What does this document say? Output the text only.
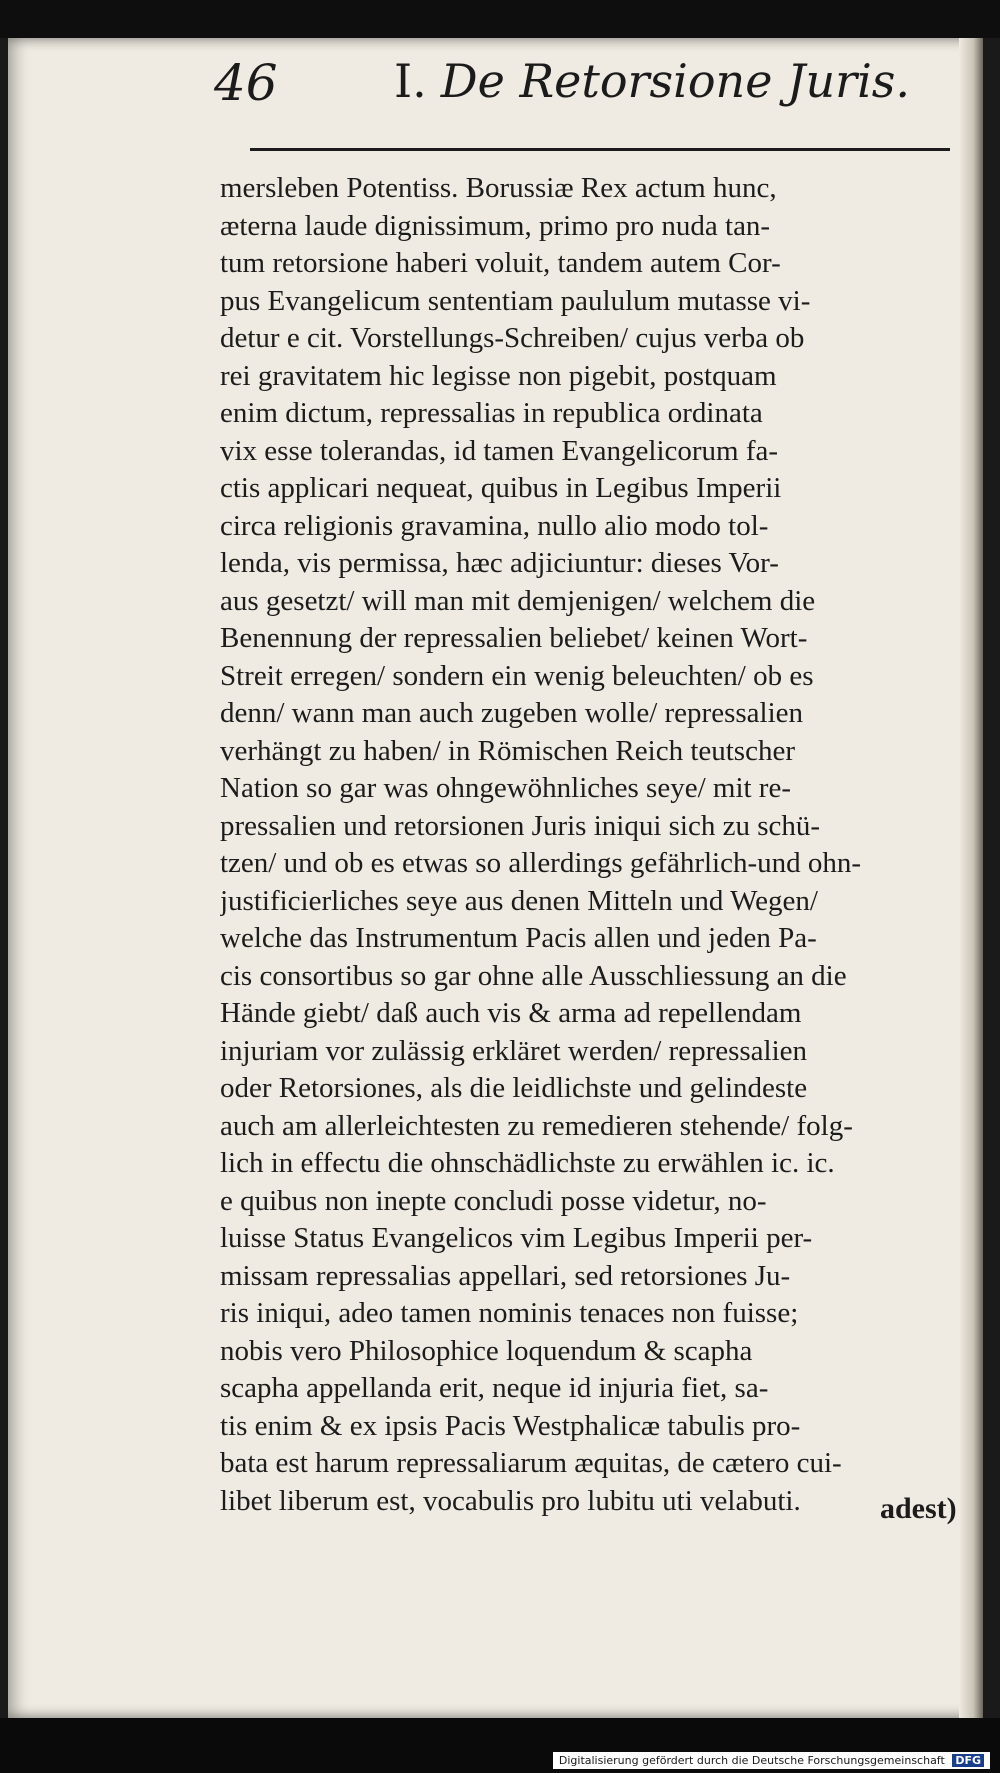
46	I. De Retorsione Juris.
mersleben Potentiss. Borussiæ Rex actum hunc,
æterna laude dignissimum, primo pro nuda tan-
tum retorsione haberi voluit, tandem autem Cor-
pus Evangelicum sententiam paululum mutasse vi-
detur e cit. Vorstellungs-Schreiben/ cujus verba ob
rei gravitatem hic legisse non pigebit, postquam
enim dictum, repressalias in republica ordinata
vix esse tolerandas, id tamen Evangelicorum fa-
ctis applicari nequeat, quibus in Legibus Imperii
circa religionis gravamina, nullo alio modo tol-
lenda, vis permissa, hæc adjiciuntur: dieses Vor-
aus gesetzt/ will man mit demjenigen/ welchem die
Benennung der repressalien beliebet/ keinen Wort-
Streit erregen/ sondern ein wenig beleuchten/ ob es
denn/ wann man auch zugeben wolle/ repressalien
verhängt zu haben/ in Römischen Reich teutscher
Nation so gar was ohngewöhnliches seye/ mit re-
pressalien und retorsionen Juris iniqui sich zu schü-
tzen/ und ob es etwas so allerdings gefährlich-und ohn-
justificierliches seye aus denen Mitteln und Wegen/
welche das Instrumentum Pacis allen und jeden Pa-
cis consortibus so gar ohne alle Ausschliessung an die
Hände giebt/ daß auch vis & arma ad repellendam
injuriam vor zulässig erkläret werden/ repressalien
oder Retorsiones, als die leidlichste und gelindeste
auch am allerleichtesten zu remedieren stehende/ folg-
lich in effectu die ohnschädlichste zu erwählen ic. ic.
e quibus non inepte concludi posse videtur, no-
luisse Status Evangelicos vim Legibus Imperii per-
missam repressalias appellari, sed retorsiones Ju-
ris iniqui, adeo tamen nominis tenaces non fuisse;
nobis vero Philosophice loquendum & scapha
scapha appellanda erit, neque id injuria fiet, sa-
tis enim & ex ipsis Pacis Westphalicæ tabulis pro-
bata est harum repressaliarum æquitas, de cætero cui-
libet liberum est, vocabulis pro lubitu uti velabuti.	adest)
Digitalisierung gefördert durch die Deutsche Forschungsgemeinschaft DFG
